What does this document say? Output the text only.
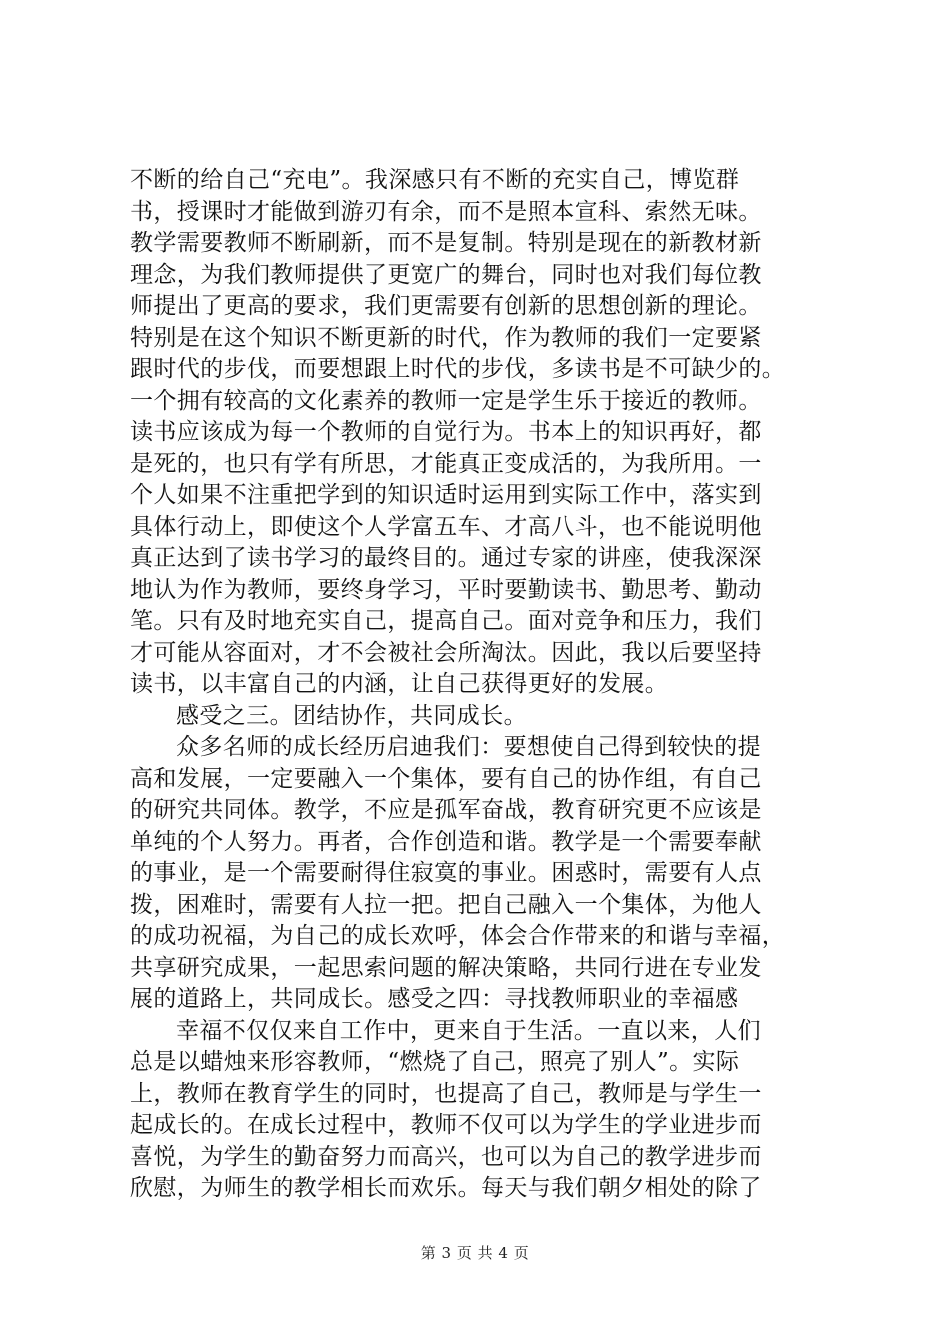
不断的给自己“充电”。我深感只有不断的充实自己，博览群
书，授课时才能做到游刃有余，而不是照本宣科、索然无味。
教学需要教师不断刷新，而不是复制。特别是现在的新教材新
理念，为我们教师提供了更宽广的舞台，同时也对我们每位教
师提出了更高的要求，我们更需要有创新的思想创新的理论。
特别是在这个知识不断更新的时代，作为教师的我们一定要紧
跟时代的步伐，而要想跟上时代的步伐，多读书是不可缺少的。
一个拥有较高的文化素养的教师一定是学生乐于接近的教师。
读书应该成为每一个教师的自觉行为。书本上的知识再好，都
是死的，也只有学有所思，才能真正变成活的，为我所用。一
个人如果不注重把学到的知识适时运用到实际工作中，落实到
具体行动上，即使这个人学富五车、才高八斗，也不能说明他
真正达到了读书学习的最终目的。通过专家的讲座，使我深深
地认为作为教师，要终身学习，平时要勤读书、勤思考、勤动
笔。只有及时地充实自己，提高自己。面对竞争和压力，我们
才可能从容面对，才不会被社会所淘汰。因此，我以后要坚持
读书，以丰富自己的内涵，让自己获得更好的发展。
感受之三。团结协作，共同成长。
众多名师的成长经历启迪我们：要想使自己得到较快的提
高和发展，一定要融入一个集体，要有自己的协作组，有自己
的研究共同体。教学，不应是孤军奋战，教育研究更不应该是
单纯的个人努力。再者，合作创造和谐。教学是一个需要奉献
的事业，是一个需要耐得住寂寞的事业。困惑时，需要有人点
拨，困难时，需要有人拉一把。把自己融入一个集体，为他人
的成功祝福，为自己的成长欢呼，体会合作带来的和谐与幸福，
共享研究成果，一起思索问题的解决策略，共同行进在专业发
展的道路上，共同成长。感受之四：寻找教师职业的幸福感
幸福不仅仅来自工作中，更来自于生活。一直以来，人们
总是以蜡烛来形容教师，“燃烧了自己，照亮了别人”。实际
上，教师在教育学生的同时，也提高了自己，教师是与学生一
起成长的。在成长过程中，教师不仅可以为学生的学业进步而
喜悦，为学生的勤奋努力而高兴，也可以为自己的教学进步而
欣慰，为师生的教学相长而欢乐。每天与我们朝夕相处的除了
第 3 页 共 4 页
